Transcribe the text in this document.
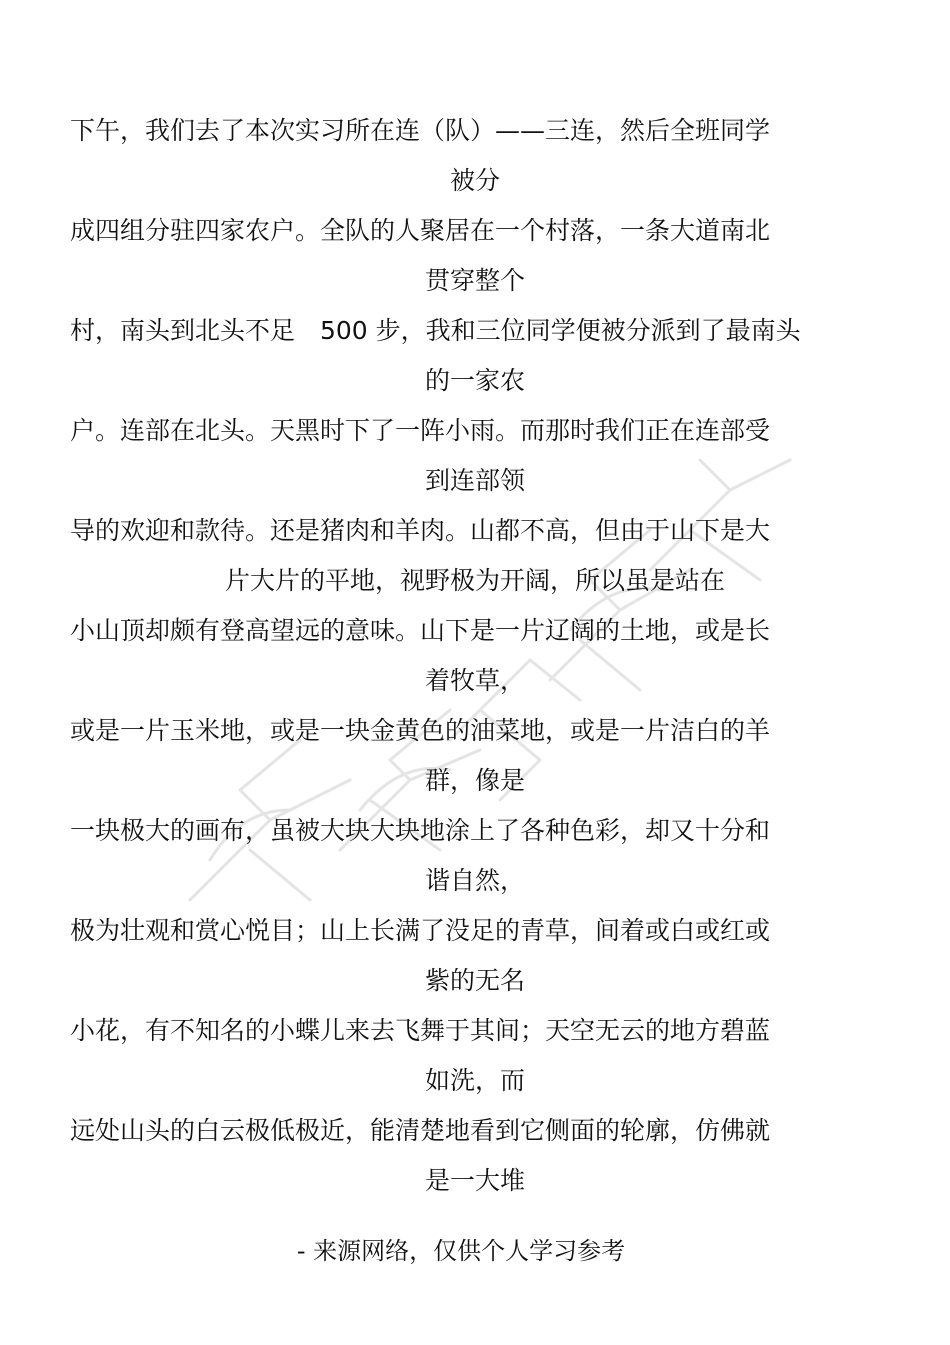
下午，我们去了本次实习所在连（队）——三连，然后全班同学
被分
成四组分驻四家农户。全队的人聚居在一个村落，一条大道南北
贯穿整个
村，南头到北头不足　500 步，我和三位同学便被分派到了最南头
的一家农
户。连部在北头。天黑时下了一阵小雨。而那时我们正在连部受
到连部领
导的欢迎和款待。还是猪肉和羊肉。山都不高，但由于山下是大
片大片的平地，视野极为开阔，所以虽是站在
小山顶却颇有登高望远的意味。山下是一片辽阔的土地，或是长
着牧草，
或是一片玉米地，或是一块金黄色的油菜地，或是一片洁白的羊
群，像是
一块极大的画布，虽被大块大块地涂上了各种色彩，却又十分和
谐自然，
极为壮观和赏心悦目；山上长满了没足的青草，间着或白或红或
紫的无名
小花，有不知名的小蝶儿来去飞舞于其间；天空无云的地方碧蓝
如洗，而
远处山头的白云极低极近，能清楚地看到它侧面的轮廓，仿佛就
是一大堆
- 来源网络，仅供个人学习参考
